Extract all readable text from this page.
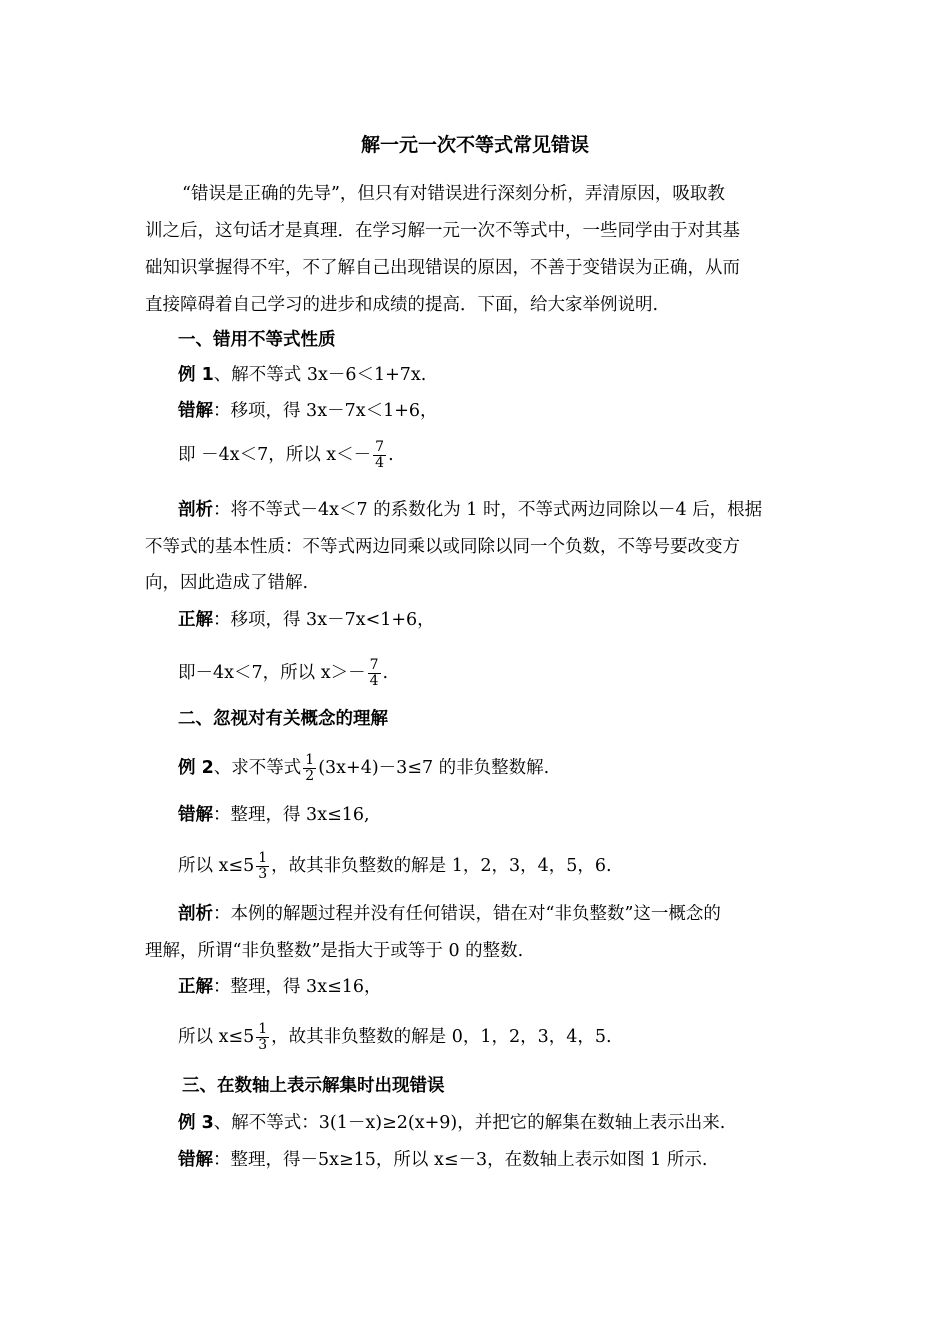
解一元一次不等式常见错误
“错误是正确的先导”，但只有对错误进行深刻分析，弄清原因，吸取教
训之后，这句话才是真理．在学习解一元一次不等式中，一些同学由于对其基
础知识掌握得不牢，不了解自己出现错误的原因，不善于变错误为正确，从而
直接障碍着自己学习的进步和成绩的提高．下面，给大家举例说明.
一、错用不等式性质
例 1、解不等式 3x－6＜1+7x.
错解：移项，得 3x－7x＜1+6，
即 －4x＜7，所以 $x<- \frac{7}{4}$ .
剖析：将不等式－4x＜7 的系数化为 1 时，不等式两边同除以－4 后，根据
不等式的基本性质：不等式两边同乘以或同除以同一个负数，不等号要改变方
向，因此造成了错解.
正解：移项，得 3x－7x<1+6，
即－4x＜7，所以 $x>- \frac{7}{4}$ .
二、忽视对有关概念的理解
例 2、求不等式 $\frac{1}{2} (3x+4)-3\le 7$ 的非负整数解.
错解：整理，得 3x≤16,
所以 $x\le 5 \frac{1}{3}$ ，故其非负整数的解是 1，2，3，4，5，6.
剖析：本例的解题过程并没有任何错误，错在对“非负整数”这一概念的
理解，所谓“非负整数”是指大于或等于 0 的整数.
正解：整理，得 3x≤16，
所以 $x\le 5 \frac{1}{3}$ ，故其非负整数的解是 0，1，2，3，4，5.
三、在数轴上表示解集时出现错误
例 3、解不等式：3(1－x)≥2(x+9)，并把它的解集在数轴上表示出来.
错解：整理，得－5x≥15，所以 x≤－3，在数轴上表示如图 1 所示.
